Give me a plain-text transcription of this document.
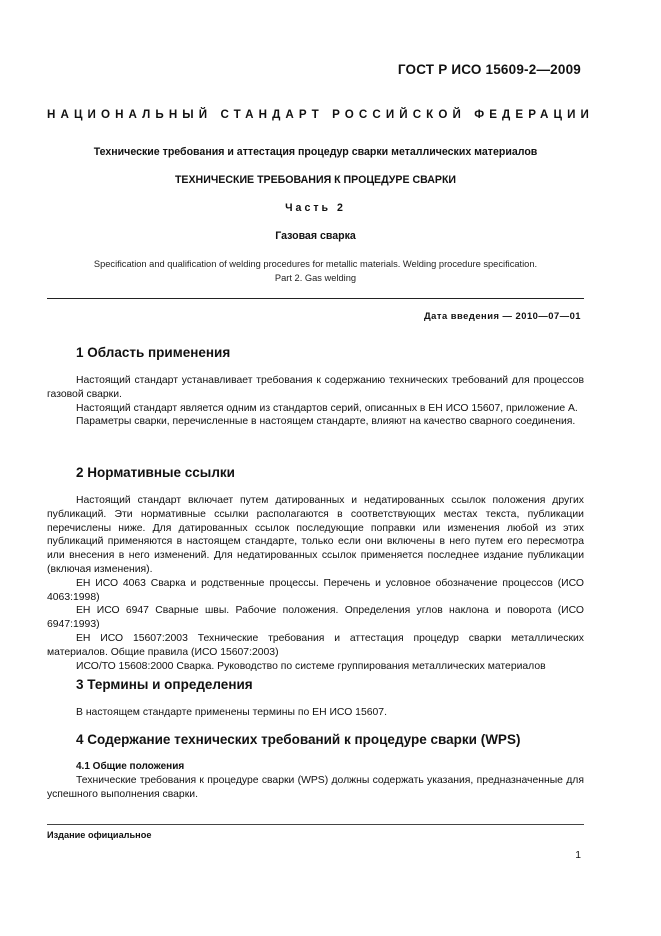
ГОСТ Р ИСО 15609-2—2009
НАЦИОНАЛЬНЫЙ СТАНДАРТ РОССИЙСКОЙ ФЕДЕРАЦИИ
Технические требования и аттестация процедур сварки металлических материалов
ТЕХНИЧЕСКИЕ ТРЕБОВАНИЯ К ПРОЦЕДУРЕ СВАРКИ
Часть 2
Газовая сварка
Specification and qualification of welding procedures for metallic materials. Welding procedure specification.
Part 2. Gas welding
Дата введения — 2010—07—01
1 Область применения
Настоящий стандарт устанавливает требования к содержанию технических требований для процессов газовой сварки.
Настоящий стандарт является одним из стандартов серий, описанных в ЕН ИСО 15607, приложение А.
Параметры сварки, перечисленные в настоящем стандарте, влияют на качество сварного соединения.
2 Нормативные ссылки
Настоящий стандарт включает путем датированных и недатированных ссылок положения других публикаций. Эти нормативные ссылки располагаются в соответствующих местах текста, публикации перечислены ниже. Для датированных ссылок последующие поправки или изменения любой из этих публикаций применяются в настоящем стандарте, только если они включены в него путем его пересмотра или внесения в него изменений. Для недатированных ссылок применяется последнее издание публикации (включая изменения).
ЕН ИСО 4063 Сварка и родственные процессы. Перечень и условное обозначение процессов (ИСО 4063:1998)
ЕН ИСО 6947 Сварные швы. Рабочие положения. Определения углов наклона и поворота (ИСО 6947:1993)
ЕН ИСО 15607:2003 Технические требования и аттестация процедур сварки металлических материалов. Общие правила (ИСО 15607:2003)
ИСО/ТО 15608:2000 Сварка. Руководство по системе группирования металлических материалов
3 Термины и определения
В настоящем стандарте применены термины по ЕН ИСО 15607.
4 Содержание технических требований к процедуре сварки (WPS)
4.1 Общие положения
Технические требования к процедуре сварки (WPS) должны содержать указания, предназначенные для успешного выполнения сварки.
Издание официальное
1
